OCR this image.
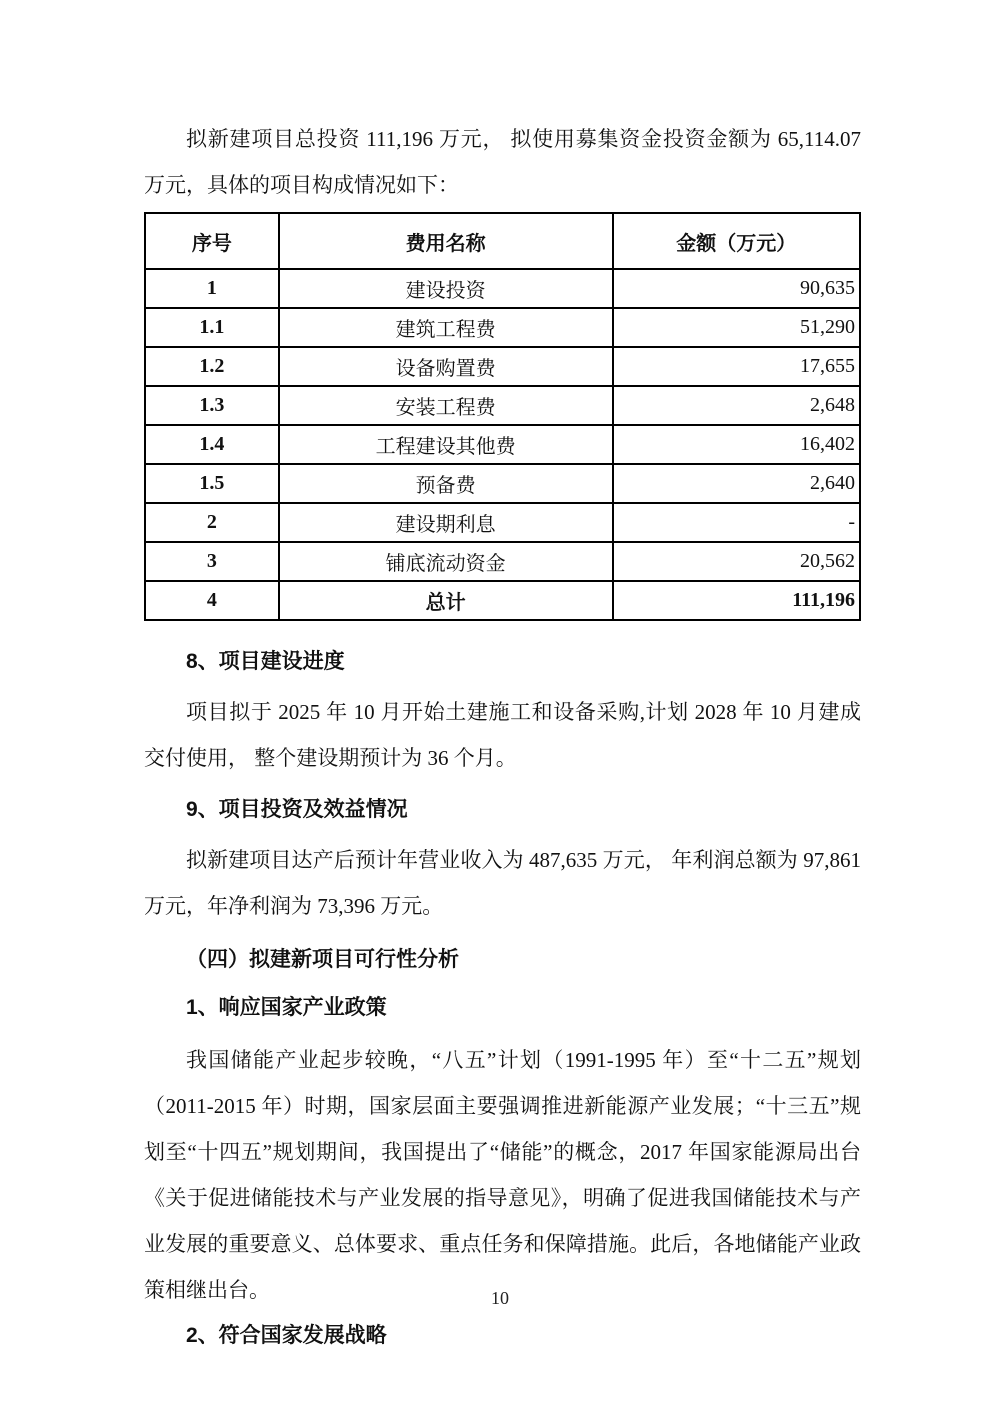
拟新建项目总投资 111,196 万元， 拟使用募集资金投资金额为 65,114.07 万元，具体的项目构成情况如下：

序号	费用名称	金额（万元）
1	建设投资	90,635
1.1	建筑工程费	51,290
1.2	设备购置费	17,655
1.3	安装工程费	2,648
1.4	工程建设其他费	16,402
1.5	预备费	2,640
2	建设期利息	-
3	铺底流动资金	20,562
4	总计	111,196
8、项目建设进度

项目拟于 2025 年 10 月开始土建施工和设备采购,计划 2028 年 10 月建成交付使用， 整个建设期预计为 36 个月。

9、项目投资及效益情况

拟新建项目达产后预计年营业收入为 487,635 万元， 年利润总额为 97,861 万元，年净利润为 73,396 万元。

（四）拟建新项目可行性分析
1、响应国家产业政策

我国储能产业起步较晚，“八五”计划（1991-1995 年）至“十二五”规划（2011-2015 年）时期，国家层面主要强调推进新能源产业发展；“十三五”规划至“十四五”规划期间，我国提出了“储能”的概念，2017 年国家能源局出台《关于促进储能技术与产业发展的指导意见》，明确了促进我国储能技术与产业发展的重要意义、总体要求、重点任务和保障措施。此后，各地储能产业政策相继出台。

2、符合国家发展战略
10
